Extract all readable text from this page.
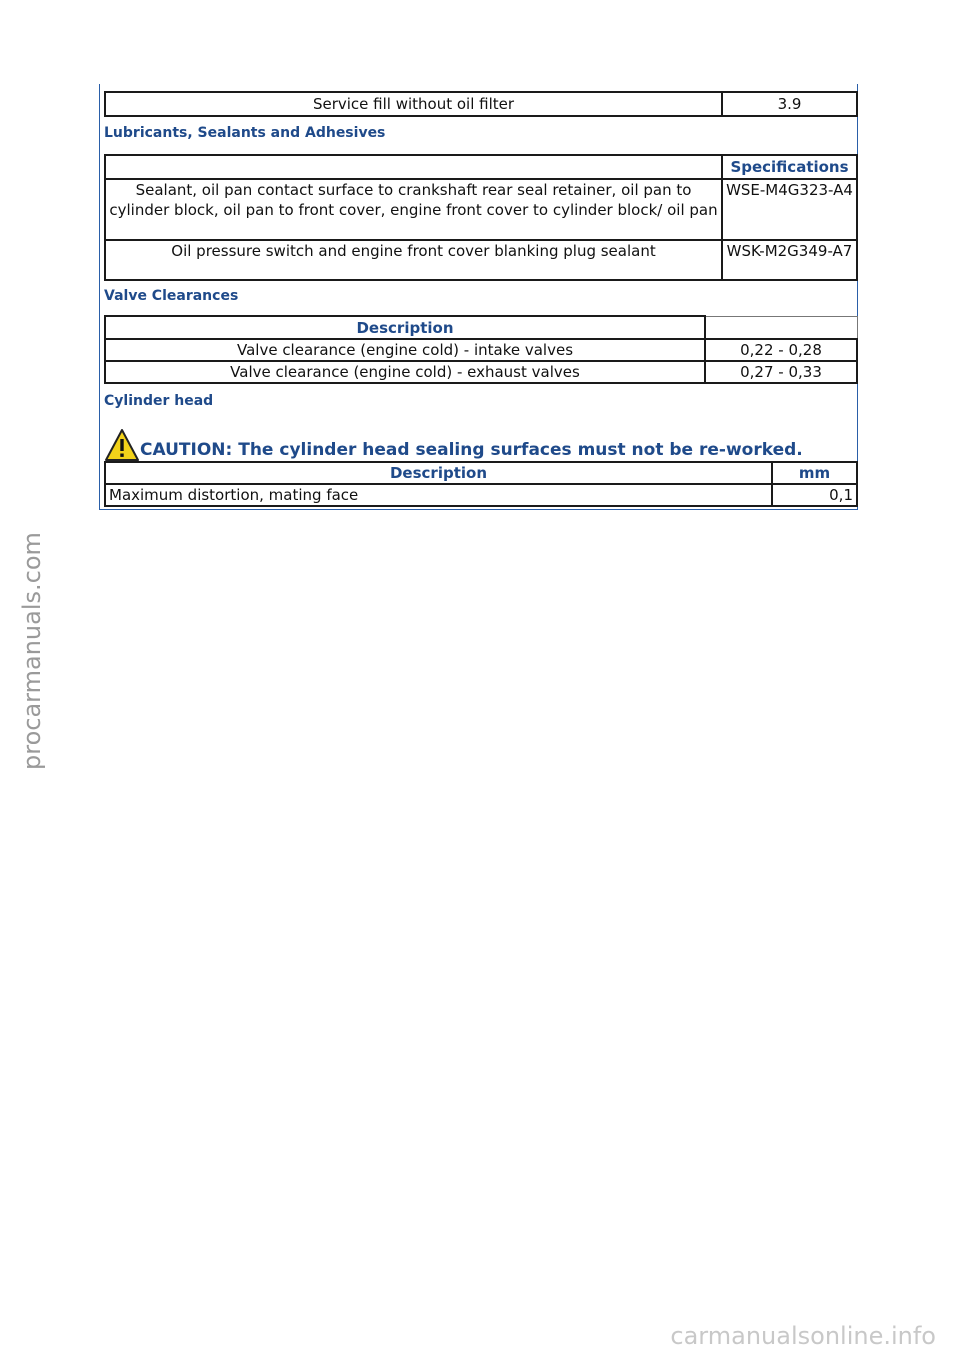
Service fill without oil filter	3.9
Lubricants, Sealants and Adhesives
	Specifications
Sealant, oil pan contact surface to crankshaft rear seal retainer, oil pan to cylinder block, oil pan to front cover, engine front cover to cylinder block/ oil pan	WSE-M4G323-A4
Oil pressure switch and engine front cover blanking plug sealant	WSK-M2G349-A7
Valve Clearances
Description	
Valve clearance (engine cold) - intake valves	0,22 - 0,28
Valve clearance (engine cold) - exhaust valves	0,27 - 0,33
Cylinder head
CAUTION: The cylinder head sealing surfaces must not be re-worked.
Description	mm
Maximum distortion, mating face	0,1
procarmanuals.com
carmanualsonline.info
